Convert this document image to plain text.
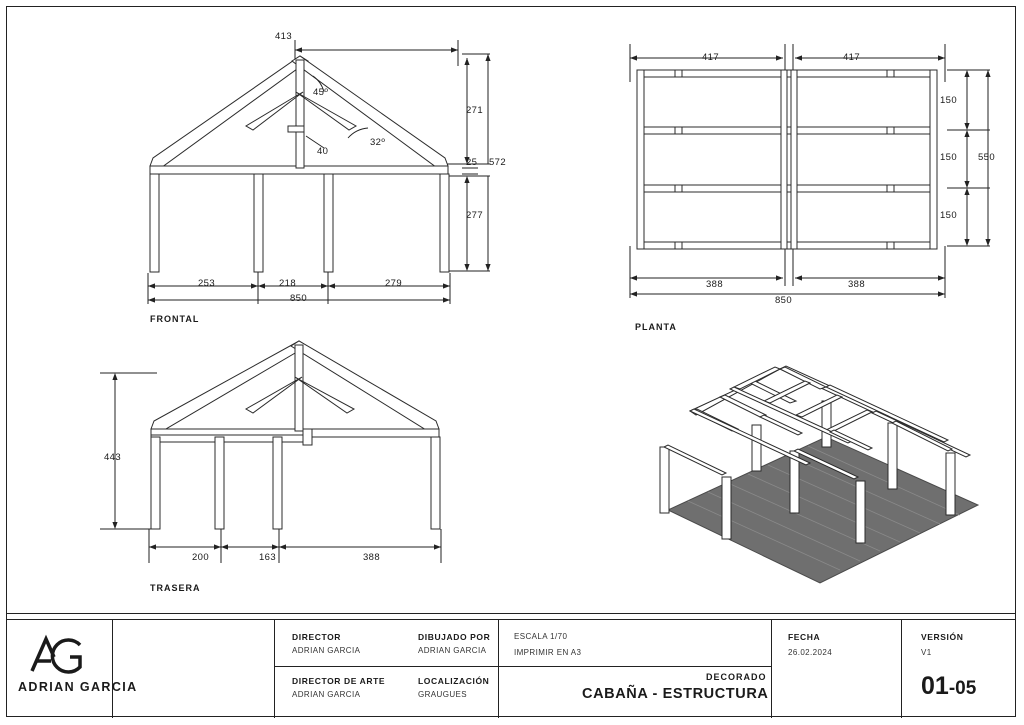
413
45º
32º
40
271
25 572
277
253	218	279
850
FRONTAL
417	417
150
150
150
550
388	388
850
PLANTA
443
200	163	388
TRASERA
ADRIAN GARCIA
DIRECTOR
ADRIAN GARCIA
DIRECTOR DE ARTE
ADRIAN GARCIA
DIBUJADO POR
ADRIAN GARCIA
LOCALIZACIÓN
GRAUGUES
ESCALA 1/70
IMPRIMIR EN A3
DECORADO
CABAÑA - ESTRUCTURA
FECHA
26.02.2024
VERSIÓN
V1
01-05
